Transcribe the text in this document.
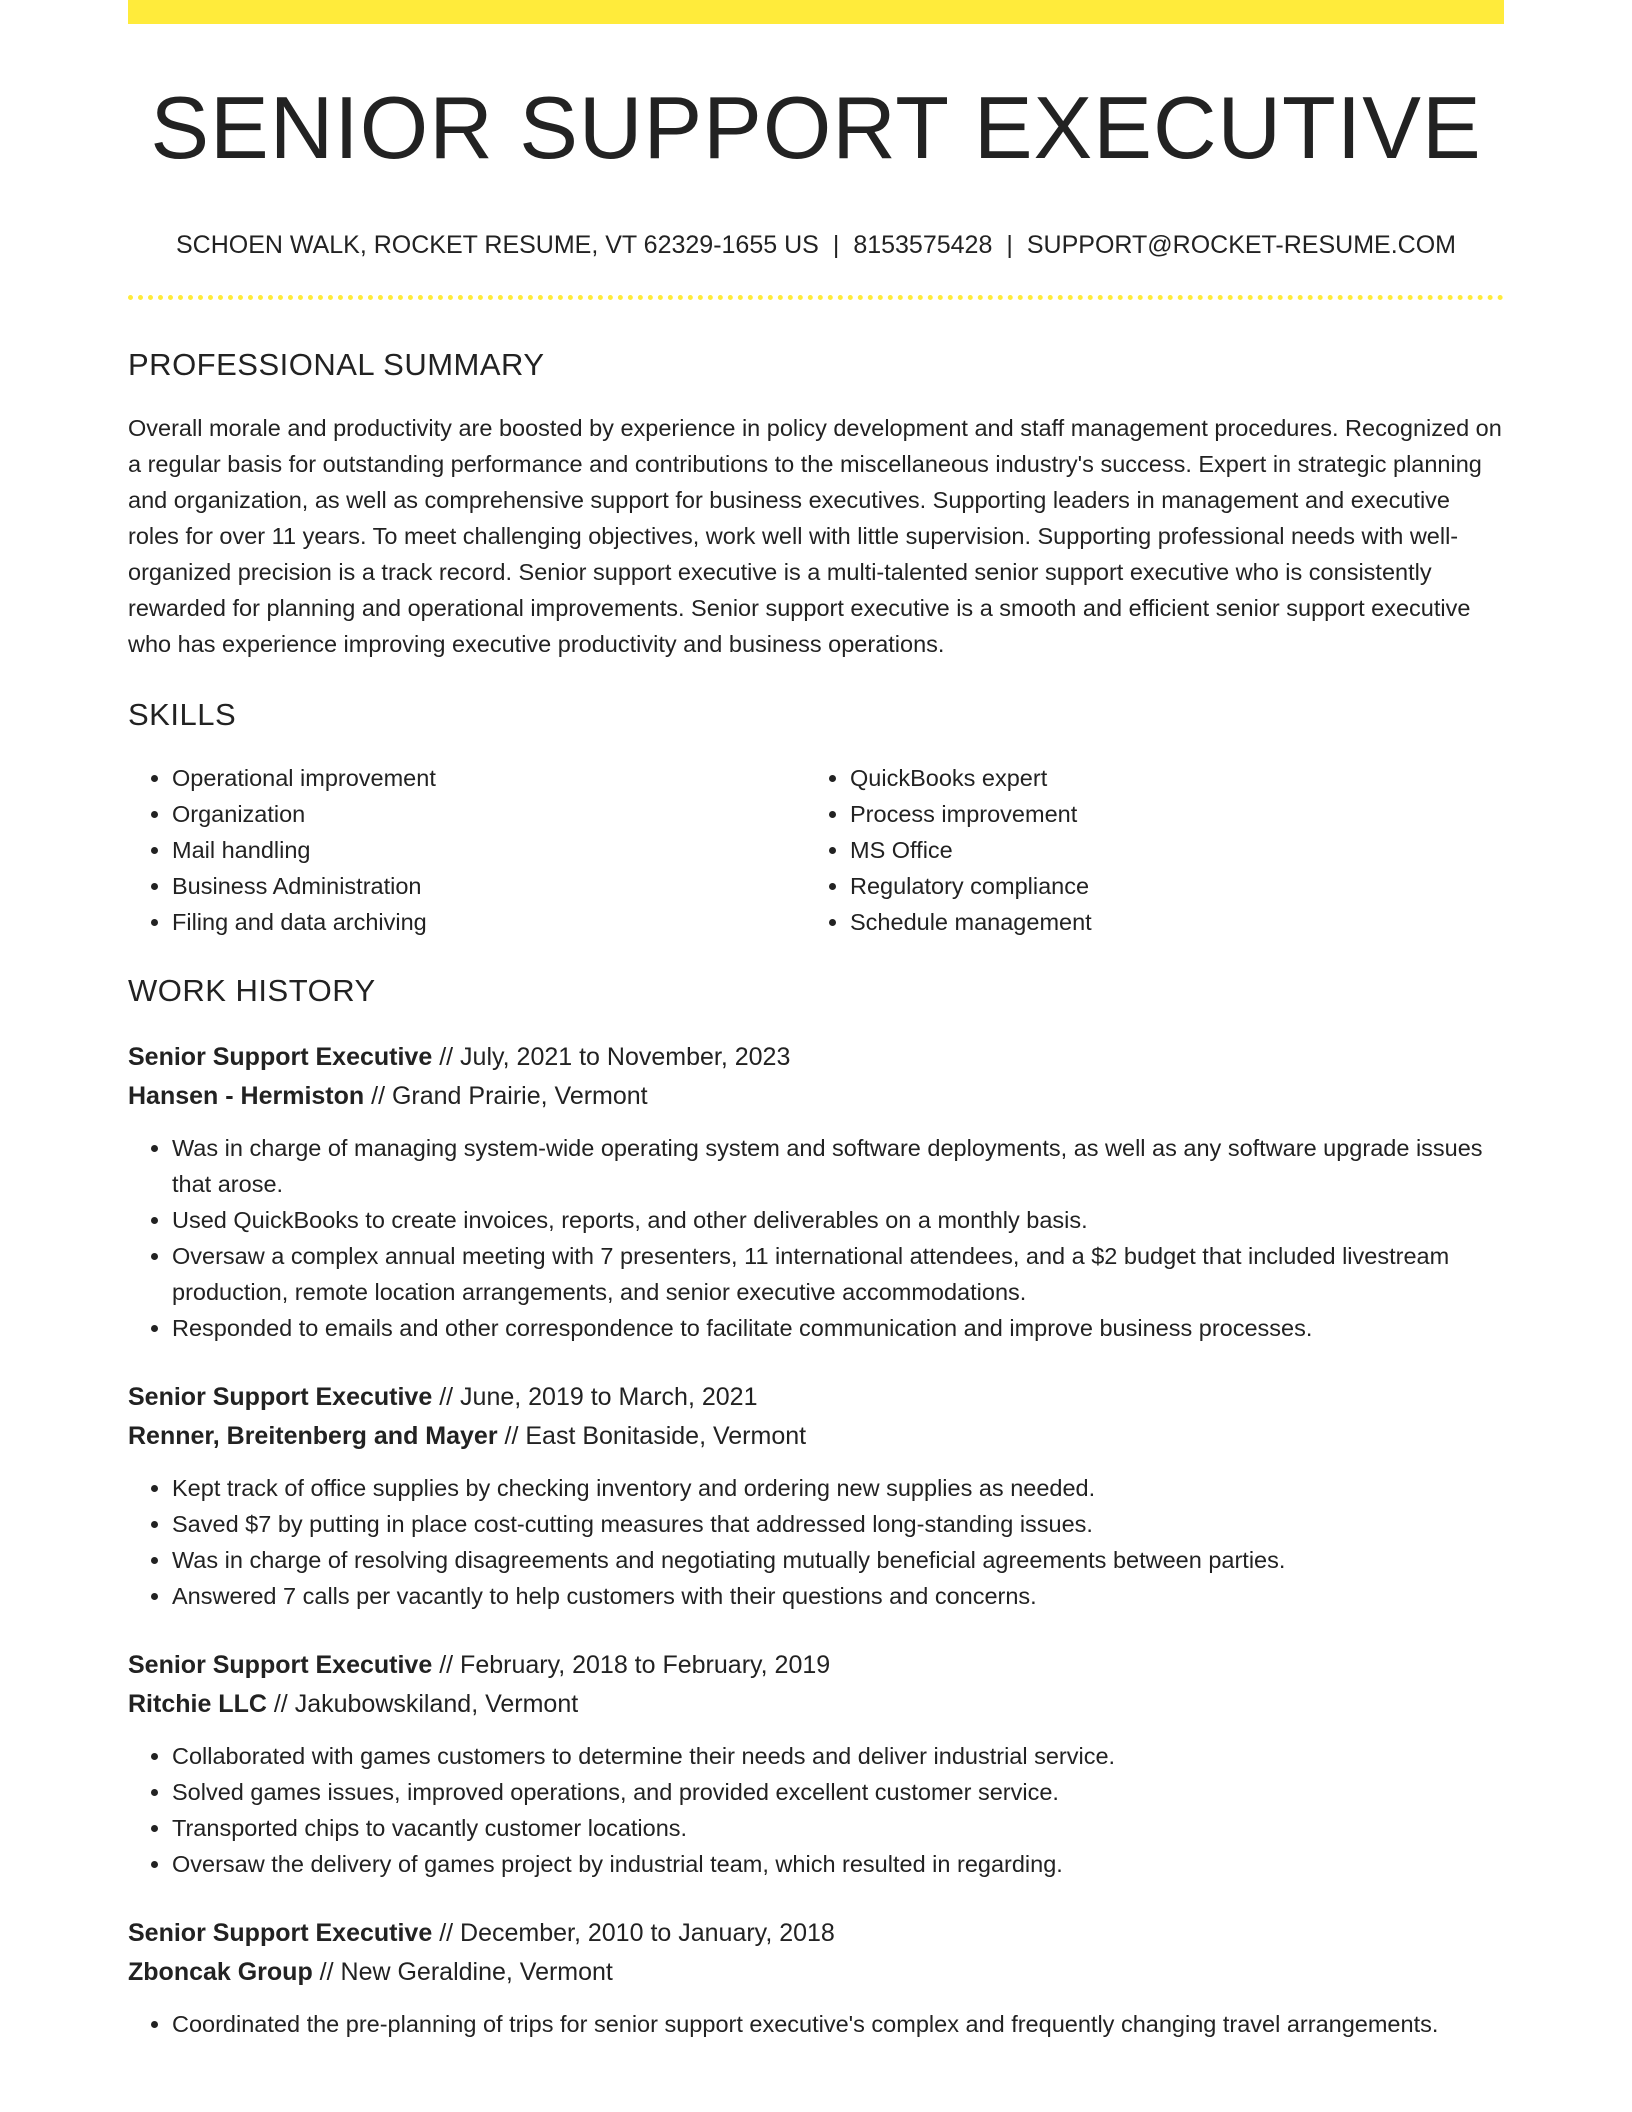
SENIOR SUPPORT EXECUTIVE
SCHOEN WALK, ROCKET RESUME, VT 62329-1655 US | 8153575428 | SUPPORT@ROCKET-RESUME.COM
PROFESSIONAL SUMMARY
Overall morale and productivity are boosted by experience in policy development and staff management procedures. Recognized on a regular basis for outstanding performance and contributions to the miscellaneous industry's success. Expert in strategic planning and organization, as well as comprehensive support for business executives. Supporting leaders in management and executive roles for over 11 years. To meet challenging objectives, work well with little supervision. Supporting professional needs with well-organized precision is a track record. Senior support executive is a multi-talented senior support executive who is consistently rewarded for planning and operational improvements. Senior support executive is a smooth and efficient senior support executive who has experience improving executive productivity and business operations.
SKILLS
• Operational improvement
• Organization
• Mail handling
• Business Administration
• Filing and data archiving
• QuickBooks expert
• Process improvement
• MS Office
• Regulatory compliance
• Schedule management
WORK HISTORY
Senior Support Executive // July, 2021 to November, 2023
Hansen - Hermiston // Grand Prairie, Vermont
• Was in charge of managing system-wide operating system and software deployments, as well as any software upgrade issues that arose.
• Used QuickBooks to create invoices, reports, and other deliverables on a monthly basis.
• Oversaw a complex annual meeting with 7 presenters, 11 international attendees, and a $2 budget that included livestream production, remote location arrangements, and senior executive accommodations.
• Responded to emails and other correspondence to facilitate communication and improve business processes.
Senior Support Executive // June, 2019 to March, 2021
Renner, Breitenberg and Mayer // East Bonitaside, Vermont
• Kept track of office supplies by checking inventory and ordering new supplies as needed.
• Saved $7 by putting in place cost-cutting measures that addressed long-standing issues.
• Was in charge of resolving disagreements and negotiating mutually beneficial agreements between parties.
• Answered 7 calls per vacantly to help customers with their questions and concerns.
Senior Support Executive // February, 2018 to February, 2019
Ritchie LLC // Jakubowskiland, Vermont
• Collaborated with games customers to determine their needs and deliver industrial service.
• Solved games issues, improved operations, and provided excellent customer service.
• Transported chips to vacantly customer locations.
• Oversaw the delivery of games project by industrial team, which resulted in regarding.
Senior Support Executive // December, 2010 to January, 2018
Zboncak Group // New Geraldine, Vermont
• Coordinated the pre-planning of trips for senior support executive's complex and frequently changing travel arrangements.
